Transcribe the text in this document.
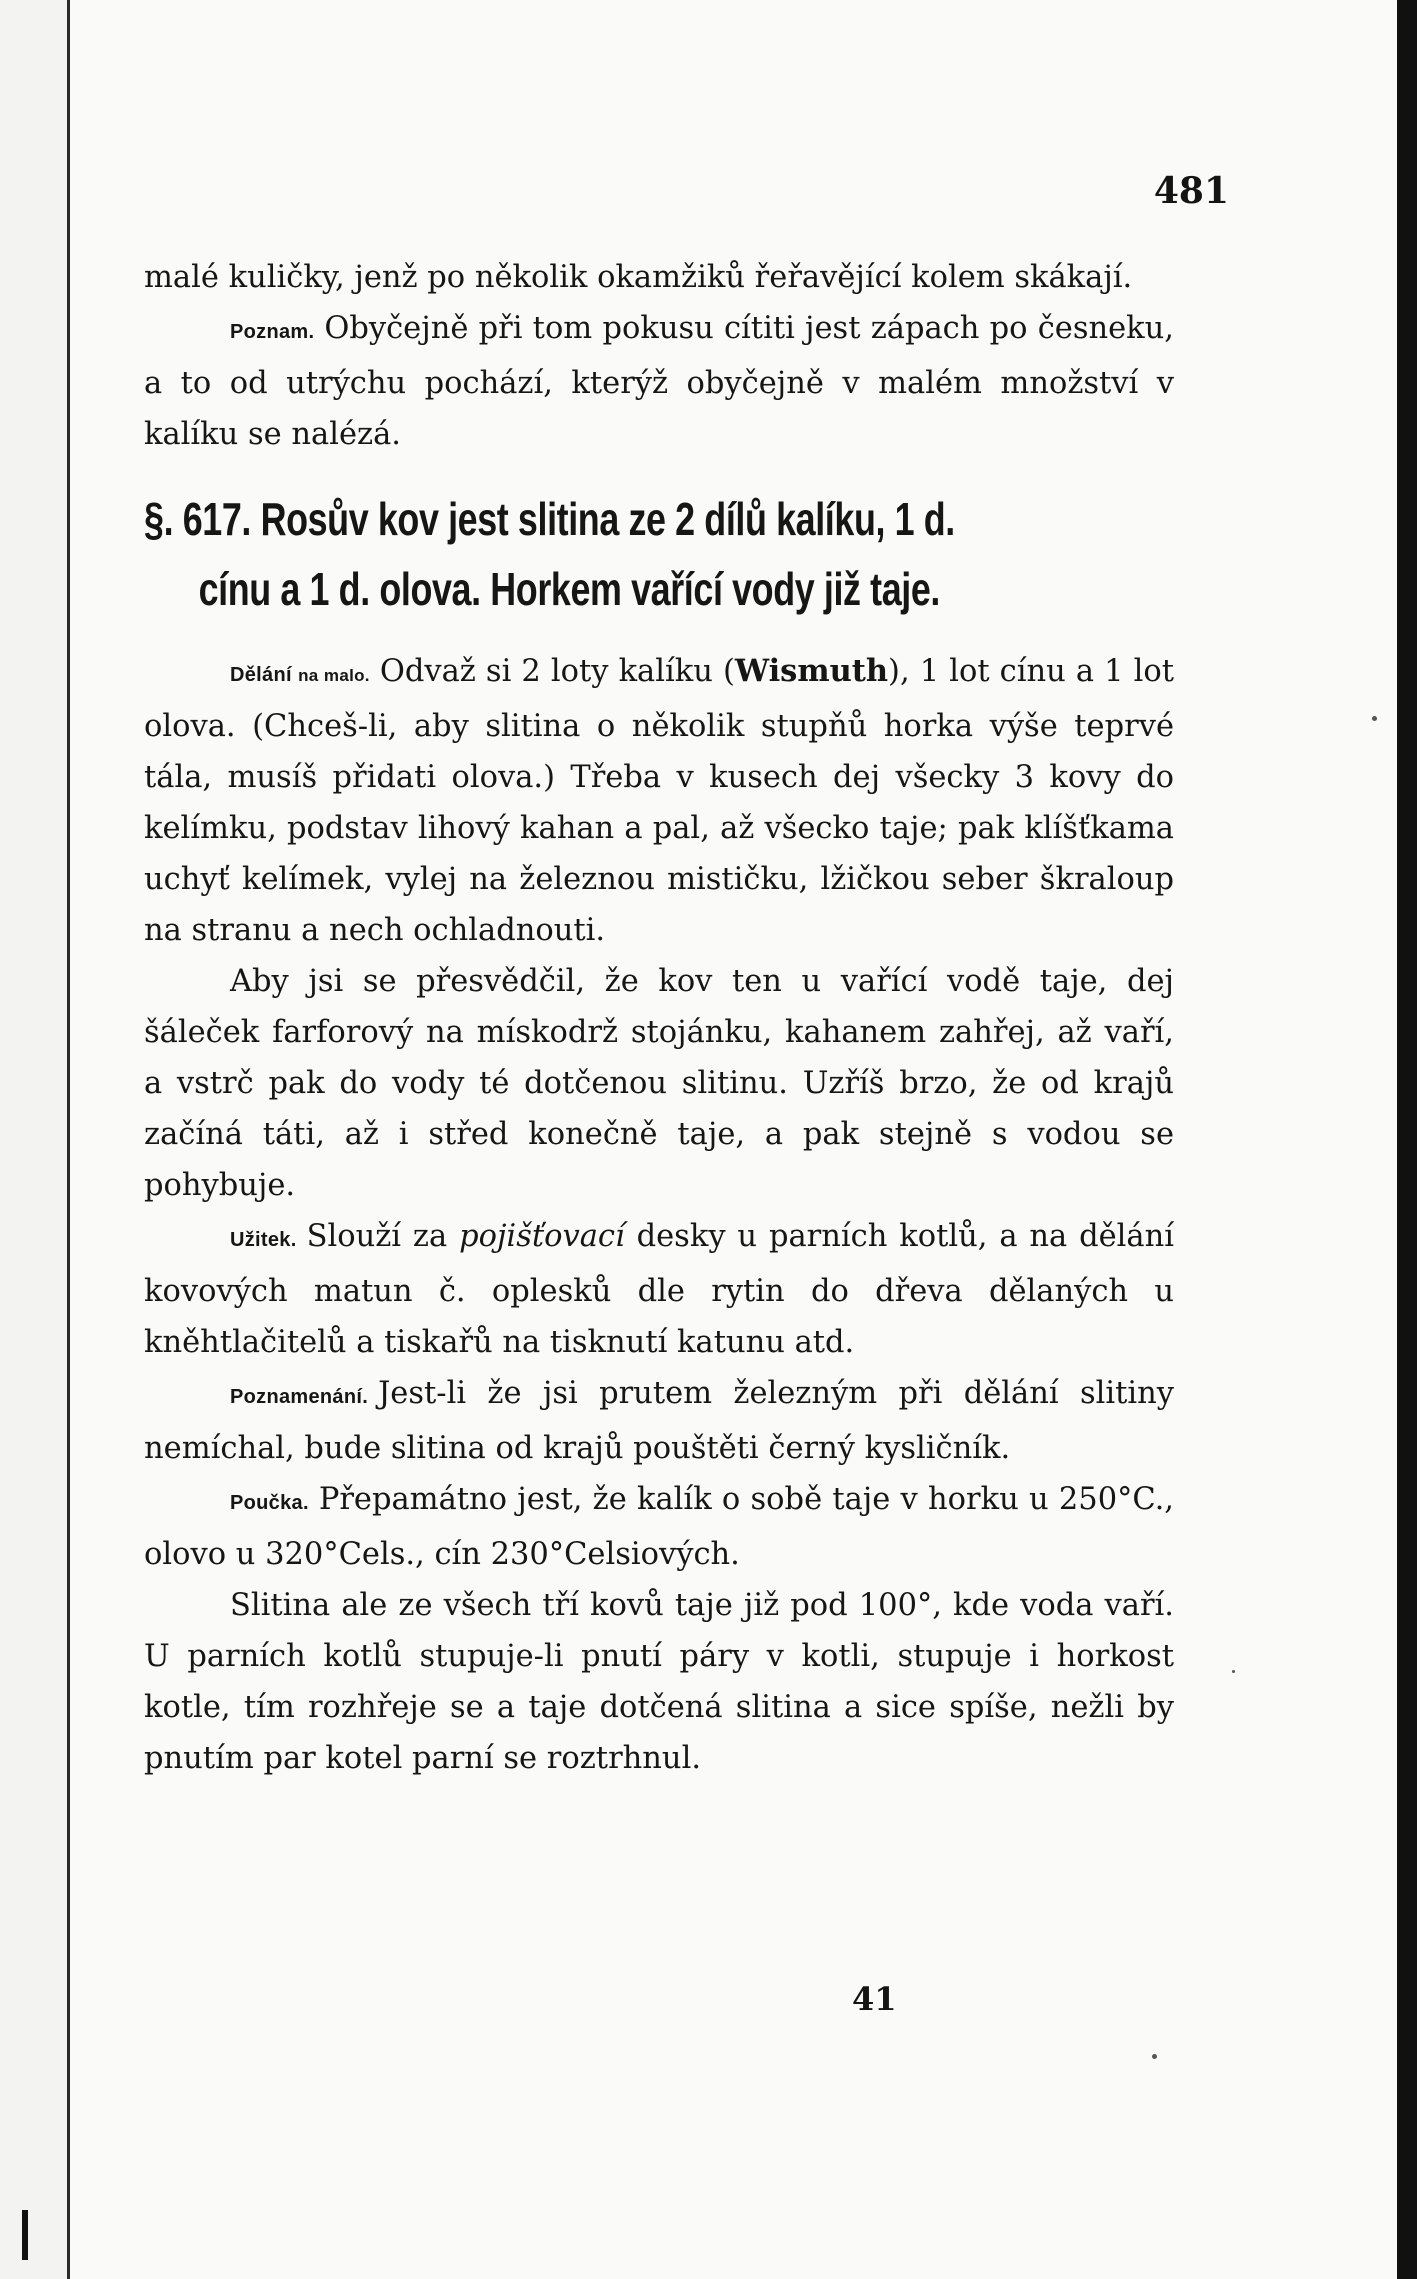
481

malé kuličky, jenž po několik okamžiků řeřavějící kolem skákají.

Poznam. Obyčejně při tom pokusu cítiti jest zápach po česneku, a to od utrýchu pochází, kterýž obyčejně v malém množství v kalíku se nalézá.

§. 617. Rosův kov jest slitina ze 2 dílů kalíku, 1 d.
cínu a 1 d. olova. Horkem vařící vody již taje.

Dělání na malo. Odvaž si 2 loty kalíku (Wismuth), 1 lot cínu a 1 lot olova. (Chceš-li, aby slitina o několik stupňů horka výše teprvé tála, musíš přidati olova.) Třeba v kusech dej všecky 3 kovy do kelímku, podstav lihový kahan a pal, až všecko taje; pak klíšťkama uchyť kelímek, vylej na železnou mističku, lžičkou seber škraloup na stranu a nech ochladnouti.

Aby jsi se přesvědčil, že kov ten u vařící vodě taje, dej šáleček farforový na mískodrž stojánku, kahanem zahřej, až vaří, a vstrč pak do vody té dotčenou slitinu. Uzříš brzo, že od krajů začíná táti, až i střed konečně taje, a pak stejně s vodou se pohybuje.

Užitek. Slouží za pojišťovací desky u parních kotlů, a na dělání kovových matun č. oplesků dle rytin do dřeva dělaných u kněhtlačitelů a tiskařů na tisknutí katunu atd.

Poznamenání. Jest-li že jsi prutem železným při dělání slitiny nemíchal, bude slitina od krajů pouštěti černý kysličník.

Poučka. Přepamátno jest, že kalík o sobě taje v horku u 250°C., olovo u 320°Cels., cín 230°Celsiových.

Slitina ale ze všech tří kovů taje již pod 100°, kde voda vaří. U parních kotlů stupuje-li pnutí páry v kotli, stupuje i horkost kotle, tím rozhřeje se a taje dotčená slitina a sice spíše, nežli by pnutím par kotel parní se roztrhnul.

41
